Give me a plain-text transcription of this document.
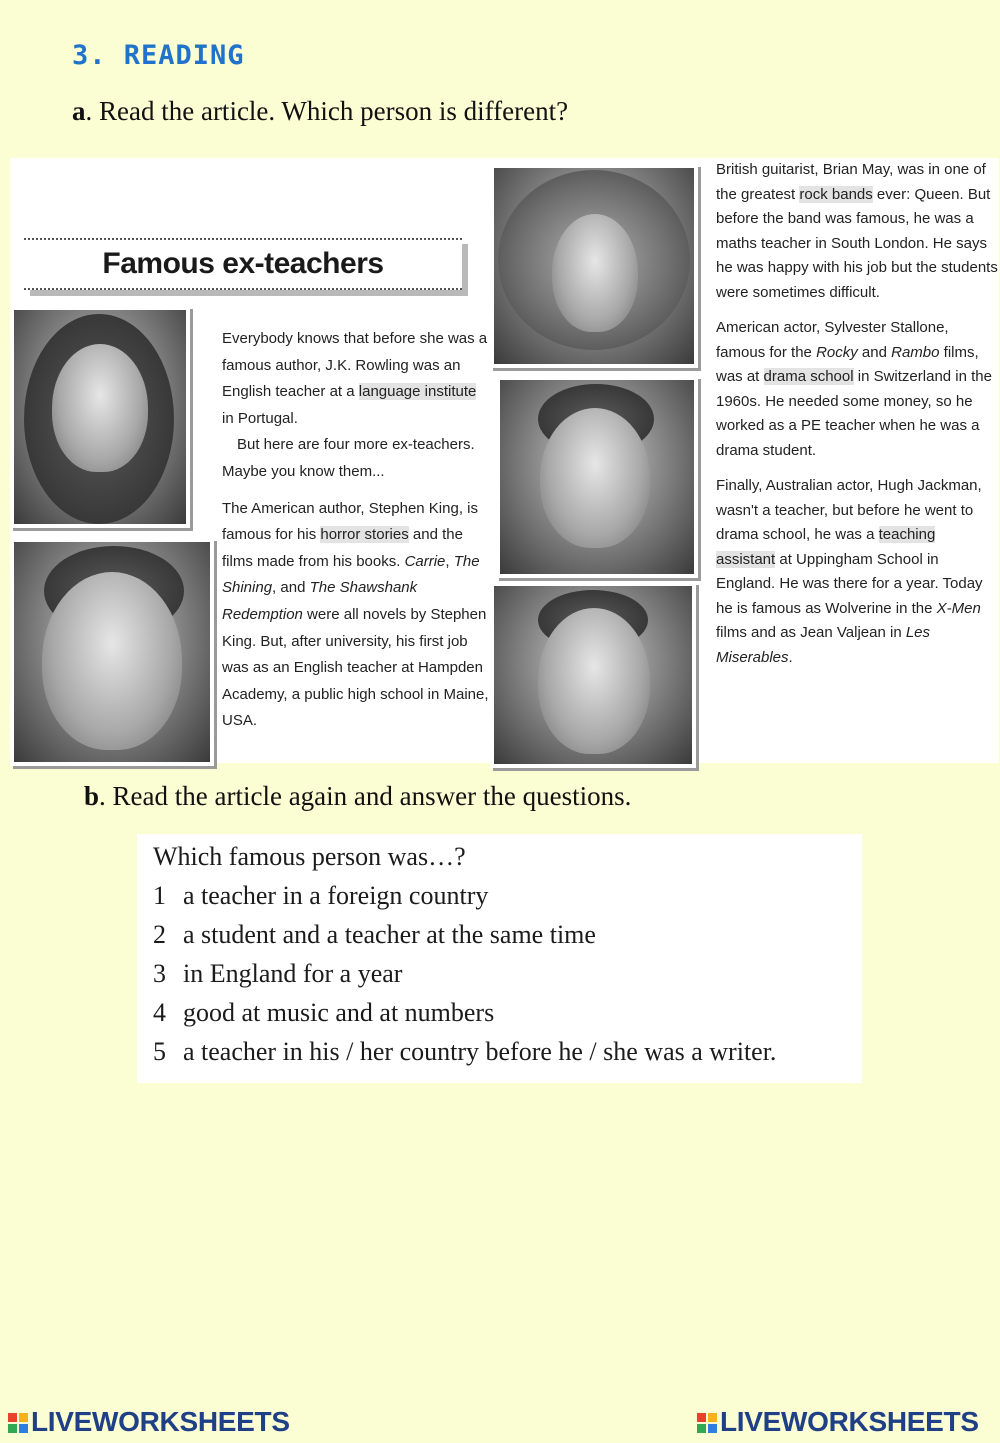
3. READING
a. Read the article. Which person is different?
Famous ex-teachers

Everybody knows that before she was a famous author, J.K. Rowling was an English teacher at a language institute in Portugal.

But here are four more ex-teachers. Maybe you know them...

The American author, Stephen King, is famous for his horror stories and the films made from his books. Carrie, The Shining, and The Shawshank Redemption were all novels by Stephen King. But, after university, his first job was as an English teacher at Hampden Academy, a public high school in Maine, USA.

British guitarist, Brian May, was in one of the greatest rock bands ever: Queen. But before the band was famous, he was a maths teacher in South London. He says he was happy with his job but the students were sometimes difficult.

American actor, Sylvester Stallone, famous for the Rocky and Rambo films, was at drama school in Switzerland in the 1960s. He needed some money, so he worked as a PE teacher when he was a drama student.

Finally, Australian actor, Hugh Jackman, wasn't a teacher, but before he went to drama school, he was a teaching assistant at Uppingham School in England. He was there for a year. Today he is famous as Wolverine in the X-Men films and as Jean Valjean in Les Miserables.

b. Read the article again and answer the questions.
Which famous person was…?
1 a teacher in a foreign country
2 a student and a teacher at the same time
3 in England for a year
4 good at music and at numbers
5 a teacher in his / her country before he / she was a writer.
LIVEWORKSHEETS	LIVEWORKSHEETS
